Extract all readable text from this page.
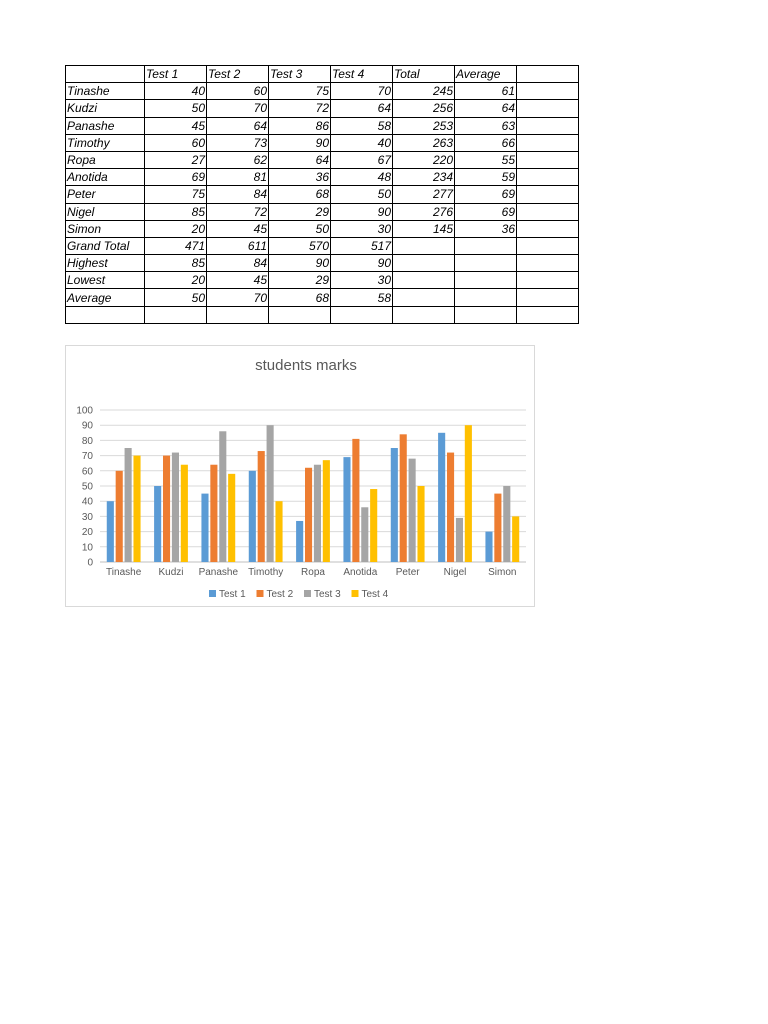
	Test 1	Test 2	Test 3	Test 4	Total	Average	
Tinashe	40	60	75	70	245	61	
Kudzi	50	70	72	64	256	64	
Panashe	45	64	86	58	253	63	
Timothy	60	73	90	40	263	66	
Ropa	27	62	64	67	220	55	
Anotida	69	81	36	48	234	59	
Peter	75	84	68	50	277	69	
Nigel	85	72	29	90	276	69	
Simon	20	45	50	30	145	36	
Grand Total	471	611	570	517			
Highest	85	84	90	90			
Lowest	20	45	29	30			
Average	50	70	68	58			

students marks
0
10
20
30
40
50
60
70
80
90
100
Tinashe Kudzi Panashe Timothy Ropa Anotida Peter Nigel Simon
Test 1 Test 2 Test 3 Test 4
